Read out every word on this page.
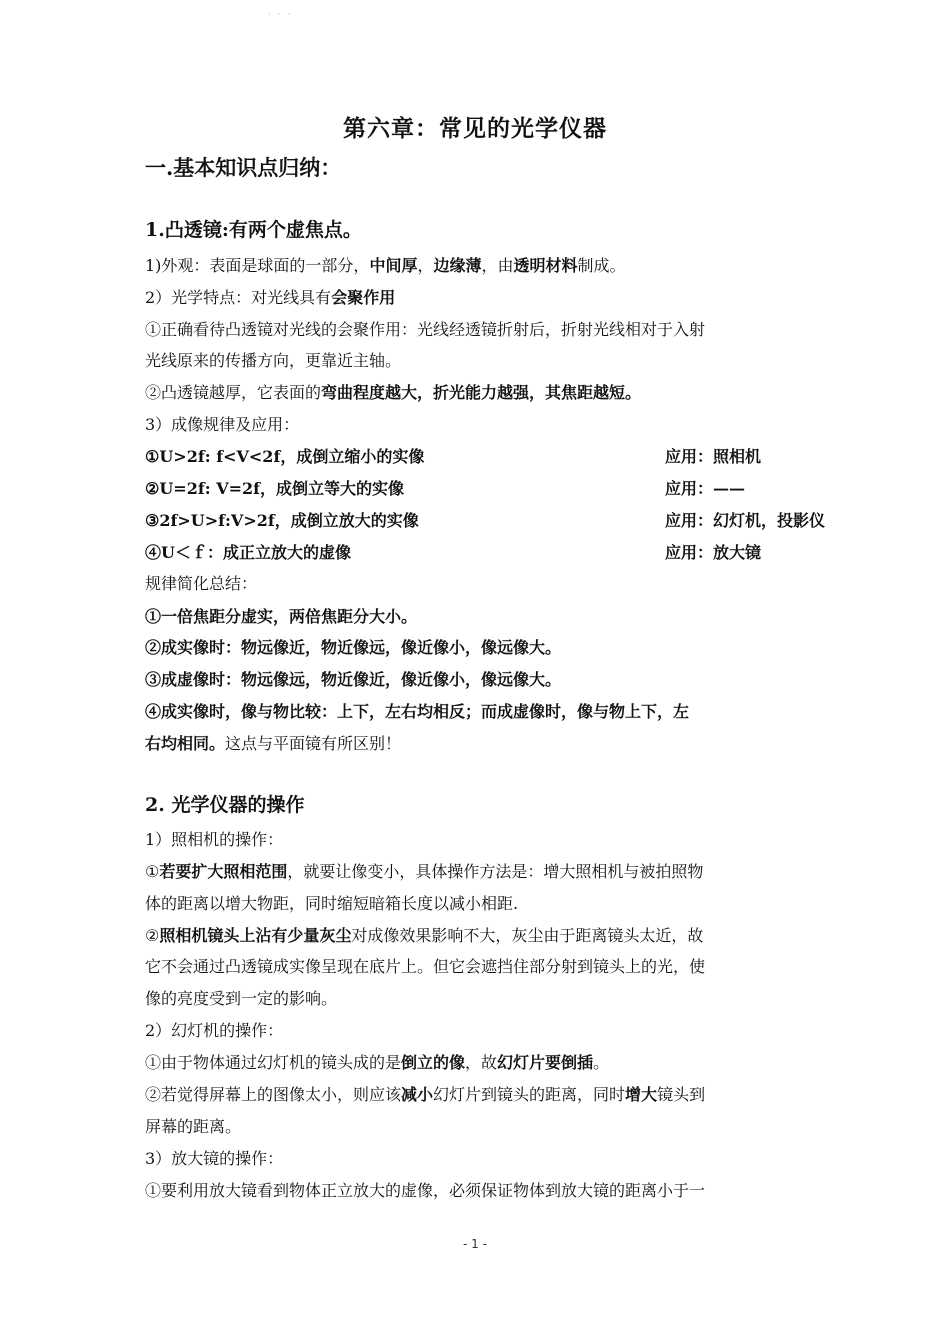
· · ·
第六章：常见的光学仪器
一.基本知识点归纳：
1.凸透镜:有两个虚焦点。
1)外观：表面是球面的一部分，中间厚，边缘薄，由透明材料制成。
2）光学特点：对光线具有会聚作用
①正确看待凸透镜对光线的会聚作用：光线经透镜折射后，折射光线相对于入射
光线原来的传播方向，更靠近主轴。
②凸透镜越厚，它表面的弯曲程度越大，折光能力越强，其焦距越短。
3）成像规律及应用：
①U>2f: f<V<2f，成倒立缩小的实像	应用：照相机
②U=2f: V=2f，成倒立等大的实像	应用：——
③2f>U>f:V>2f，成倒立放大的实像	应用：幻灯机，投影仪
④U＜ｆ：成正立放大的虚像	应用：放大镜
规律简化总结：
①一倍焦距分虚实，两倍焦距分大小。
②成实像时：物远像近，物近像远，像近像小，像远像大。
③成虚像时：物远像远，物近像近，像近像小，像远像大。
④成实像时，像与物比较：上下，左右均相反；而成虚像时，像与物上下，左
右均相同。这点与平面镜有所区别！
2. 光学仪器的操作
1）照相机的操作：
①若要扩大照相范围，就要让像变小，具体操作方法是：增大照相机与被拍照物
体的距离以增大物距，同时缩短暗箱长度以减小相距.
②照相机镜头上沾有少量灰尘对成像效果影响不大，灰尘由于距离镜头太近，故
它不会通过凸透镜成实像呈现在底片上。但它会遮挡住部分射到镜头上的光，使
像的亮度受到一定的影响。
2）幻灯机的操作：
①由于物体通过幻灯机的镜头成的是倒立的像，故幻灯片要倒插。
②若觉得屏幕上的图像太小，则应该减小幻灯片到镜头的距离，同时增大镜头到
屏幕的距离。
3）放大镜的操作：
①要利用放大镜看到物体正立放大的虚像，必须保证物体到放大镜的距离小于一
- 1 -
